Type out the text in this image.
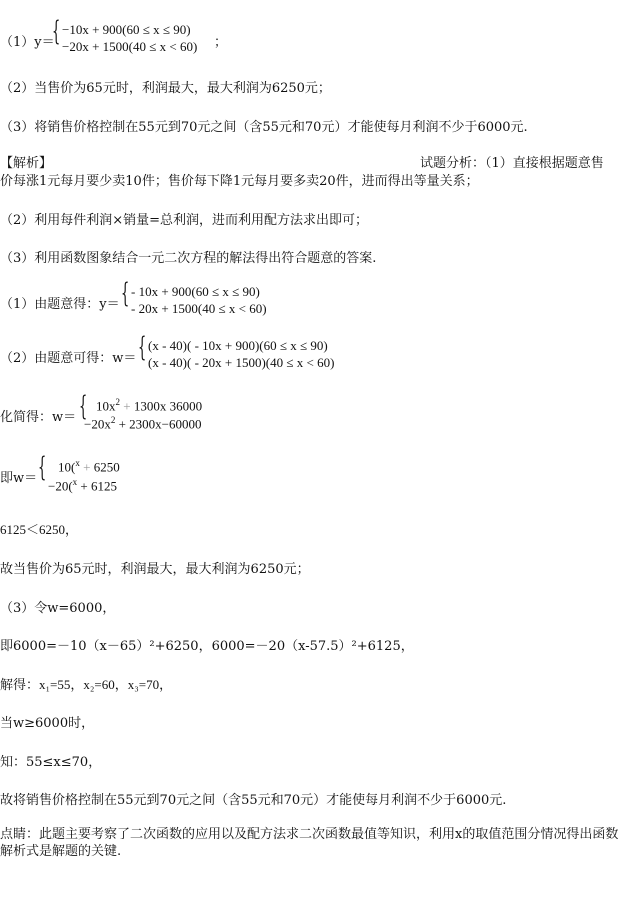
（1）y＝
{ −10x + 900(60 ≤ x ≤ 90)
−20x + 1500(40 ≤ x < 60) ；
（2）当售价为65元时，利润最大，最大利润为6250元；
（3）将销售价格控制在55元到70元之间（含55元和70元）才能使每月利润不少于6000元.
【解析】	试题分析：（1）直接根据题意售
价每涨1元每月要少卖10件；售价每下降1元每月要多卖20件，进而得出等量关系；
（2）利用每件利润×销量=总利润，进而利用配方法求出即可；
（3）利用函数图象结合一元二次方程的解法得出符合题意的答案.
（1）由题意得：y＝ { - 10x + 900(60 ≤ x ≤ 90)
- 20x + 1500(40 ≤ x < 60)
（2）由题意可得：w＝ { (x - 40)( - 10x + 900)(60 ≤ x ≤ 90)
(x - 40)( - 20x + 1500)(40 ≤ x < 60)
化简得：w＝ { $10x^2 + 1300x$ 36000
$-20x^2 + 2300x-60000$
即w＝ { 10($^x$ + 6250
−20($^x$ + 6125
6125＜6250，
故当售价为65元时，利润最大，最大利润为6250元；
（3）令w=6000，
即6000=－10（x－65）²+6250，6000=－20（x-57.5）²+6125，
解得：x₁=55，x₂=60，x₃=70，
当w≥6000时，
知：55≤x≤70，
故将销售价格控制在55元到70元之间（含55元和70元）才能使每月利润不少于6000元.
点睛：此题主要考察了二次函数的应用以及配方法求二次函数最值等知识，利用x的取值范围分情况得出函数解析式是解题的关键.
